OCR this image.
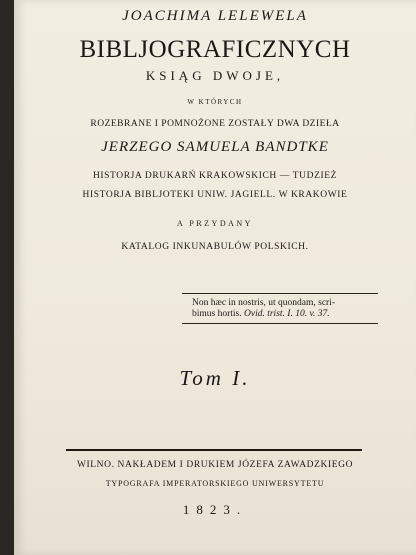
JOACHIMA LELEWELA

BIBLJOGRAFICZNYCH

KSIĄG DWOJE,

W KTÓRYCH

ROZEBRANE I POMNOŻONE ZOSTAŁY DWA DZIEŁA

JERZEGO SAMUELA BANDTKE

HISTORJA DRUKARŃ KRAKOWSKICH — TUDZIEŻ

HISTORJA BIBLJOTEKI UNIW. JAGIELL. W KRAKOWIE

A PRZYDANY

KATALOG INKUNABULÓW POLSKICH.

Non hæc in nostris, ut quondam, scri-
bimus hortis. Ovid. trist. I. 10. v. 37.

Tom I.

WILNO. NAKŁADEM I DRUKIEM JÓZEFA ZAWADZKIEGO

TYPOGRAFA IMPERATORSKIEGO UNIWERSYTETU

1823.
